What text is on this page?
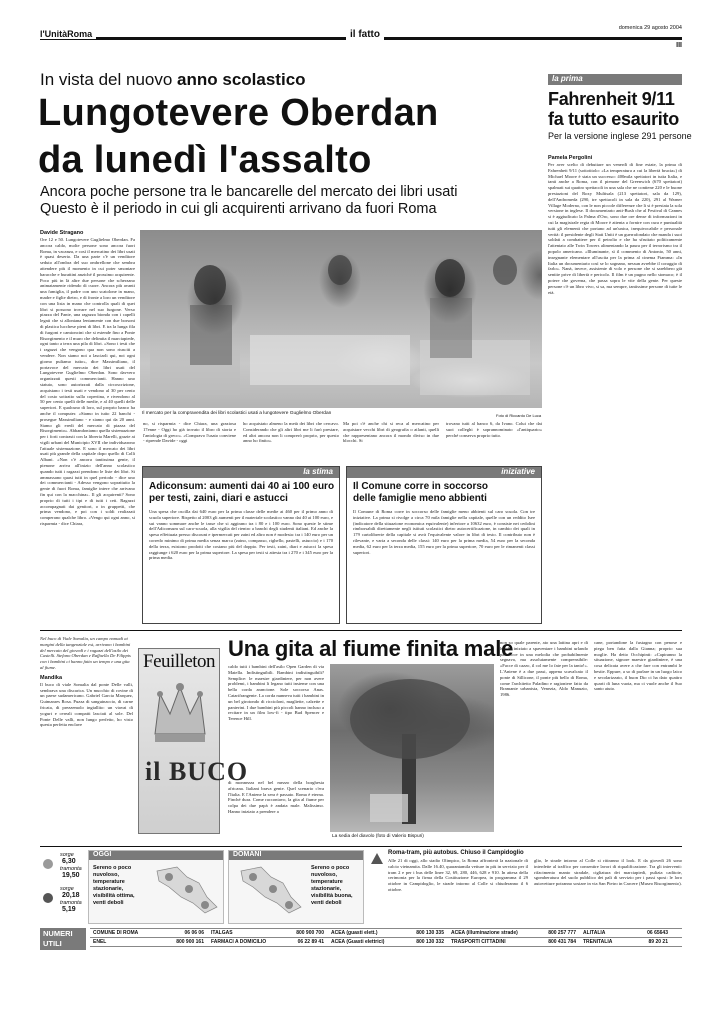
l'UnitàRoma	il fatto
domenica 29 agosto 2004
III
In vista del nuovo anno scolastico
Lungotevere Oberdan
da lunedì l'assalto
Ancora poche persone tra le bancarelle del mercato dei libri usati
Questo è il periodo in cui gli acquirenti arrivano da fuori Roma
Davide Stragano
Ore 12 e 50. Lungotevere Guglielmo Oberdan. Fa ancora caldo, molte persone sono ancora fuori Roma, in vacanza, e così il mercatino dei libri usati è quasi deserto. Da una parte c'è un venditore seduto all'ombra del suo ombrellone che sembra attendere più il momento in cui poter smontare baracche e burattini anziché il prossimo acquirente. Poco più in là altre due persone che scherzano animatamente ridendo di cuore. Ancora più avanti una famiglia, il padre con uno scatolone in mano, madre e figlie dietro, e di fronte a loro un venditore con una lista in mano che controlla quali di quei libri si possono trovare nel suo furgone. Verso piazza del Fante, una ragazza bionda con i capelli legati che si allontana lentamente con due borsoni di plastica lucchese pieni di libri. E tra la lunga fila di furgoni e camioncini che si estende fino a Ponte Risorgimento e il muro che delimita il marciapiede, ogni tanto a terra una pila di libri. «Sono i testi che i ragazzi che vengono qua non sono riusciti a vendere. Non siamo noi a lasciarli qui, noi ogni giorno puliamo tutto», dice Massimiliano, il portavoce del mercato dei libri usati del Lungotevere Guglielmo Oberdan. Sono davvero organizzati questi commercianti. Hanno uno statuto, sono autorizzati dalla circoscrizione, acquistano i testi usati e vendono al 30 per cento del costo sottratto sulla copertina, e rivendono al 50 per cento quelli delle medie, e al 40 quelli delle superiori. E qualcuno di loro, sul proprio banco ha anche il computer. «Siamo in tutto 22 banchi - prosegue Massimiliano - e siamo qui da 20 anni. Siamo gli eredi del mercato di piazza del Risorgimento». Abbandoniamo quella sistemazione per i forti contrasti con la libreria Marelli, grazie ai vigili urbani del Municipio XVII che individuarono l'attuale sistemazione. E sono il mercato dei libri usati più grande della capitale dopo quello di Colli Albani. «Non c'è ancora tantissima gente, il pienone arriva all'inizio dell'anno scolastico quando tutti i ragazzi prendono le liste dei libri. Si ammassano quasi tutti in quel periodo - dice uno dei commercianti - Adesso vengono soprattutto la gente di fuori Roma, famiglie intere che arrivano fin qui con la macchina». Il gli acquirenti? Sono proprio di tutti i tipi e di tutti i ceti. Ragazzi accompagnati dai genitori, o in gruppetti, che prima vendono, e poi con i soldi realizzati comperano qualche libro. «Vengo qui ogni anno, si risparmia - dice Chiara,
Il mercato per la compravendita dei libri scolastici usati a lungotevere Guglielmo Oberdan	Foto di Riccardo De Luca
no, si risparmia - dice Chiara, una graziosa 17enne - Oggi ho già trovato il libro di storia e l'antologia di greco». «Compravo l'usato conviene - riprende Davide - oggi
ho acquistato almeno la metà dei libri che cercavo. Considerando che gli altri libri me li farò prestare, ed altri ancora non li comprerò proprio, per questo anno ho finito».
Ma poi c'è anche chi si reca al mercatino per acquistare vecchi libri di geografia o atlanti, quelli che rappresentano ancora il mondo diviso in due blocchi. Si
trovano tutti al banco 6, da Ivano. Colui che dai suoi colleghi è soprannominato «l'antiquario» perché conserva proprio tutto.
la stima
Adiconsum: aumenti dai 40 ai 100 euro
per testi, zaini, diari e astucci
Una spesa che oscilla dai 640 euro per la prima classe delle medie ai 460 per il primo anno di scuola superiore. Rispetto al 2003 gli aumenti per il materiale scolastico vanno dai 40 ai 100 euro, e sui vanno sommare anche le tasse che si aggirano tra i 80 e i 100 euro. Sono queste le stime dell'Adiconsum sul caro-scuola, alla vigilia del rientro a banchi degli studenti italiani. Ed anche la spesa effettuata presso discount e ipermercati per zaini ed altro non è modesta: tra i 140 euro per un corredo minimo di prima media senza marca (zaino, compasso, righello, pastelli, astuccio) e i 170 della terza, esistono prodotti che costano più del doppio. Per testi, zaini, diari e astucci la spesa raggiunge i 620 euro per la prima superiore. La spesa per testi si attesta tra i 270 e i 345 euro per la prima media.
iniziative
Il Comune corre in soccorso
delle famiglie meno abbienti
Il Comune di Roma corre in soccorso delle famiglie meno abbienti sul caro scuola. Con tre iniziative. La prima si rivolge a circa 70 mila famiglie nella capitale, quelle con un reddito Isee (indicatore della situazione economica equivalente) inferiore a 10632 euro, è consiste nei cedolini rimborsabili direttamente negli istituti scolastici dietro autocertificazione, in cambio dei quali in 179 cartolibrerie della capitale si avrà l'equivalente valore in libri di testo. Il contributo non è rilevante, e varia a seconda delle classi: 140 euro per la prima media, 54 euro per la seconda media, 62 euro per la terza media, 155 euro per la prima superiore, 70 euro per le rimanenti classi superiori.
la prima
Fahrenheit 9/11
fa tutto esaurito
Per la versione inglese 291 persone
Pamela Pergolini
Per aver scelto di debuttare un venerdì di fine estate, la prima di Fahrenheit 9/11 (sottotitolo: «La temperatura a cui la libertà brucia») di Michael Moore è stata un successo: 400mila spettatori in tutta Italia, e tanti anche a Roma, con il pienone del Greenwich (670 spettatori) spalmati sui quattro spettacoli in una sala che ne contiene 220 e le buone prestazioni del Roxy Multisala (213 spettatori, sala da 129), dell'Andromeda (290, tre spettacoli in sala da 220), 291 al Warner Village Moderno, con le non piccole differenze che li si è prestata la sola versione in inglese. Il documentario anti-Bush che al Festival di Cannes si è aggiudicato la Palma d'Oro, sono due ore dense di informazioni in cui la magistrale regia di Moore è attenta a fornire con cura e puntualità tutti gli elementi che portano ad un'unica, inequivocabile e personale verità: il presidente degli Stati Uniti è un guerrafondaio che manda i suoi soldati a combattere per il petrolio e che ha sfruttato politicamente l'attentato alle Twin Towers alimentando la paura per il terrorismo tra il popolo americano. «Illuminante, sì il commento di Antonio, 50 anni, insegnante elementare all'uscita per la prima al cinema Fiamma: «In Italia un documentario così se lo sognano, nessun avrebbe il coraggio di farlo». Nanà, invece, assistente di volo e persone che si sarebbero già sentite prive di libertà e pericolo. Il film è un pugno nello stomaco; è il potere che governa, che passa sopra le vite della gente. Per queste persone c'è un libro vivo, si sa, ma sempre, tantissime persone di tutte le età.
Nel buco di Viale Somalia, un campo nomadi ai margini della tangenziale est, arrivano i bambini del mercato del giovedì e i ragazzi dell'asilo dei Castelli. Stefano Oberdan e Raffaella De Filippis con i bambini ci hanno fatto un tempo e una gita al fiume.
Mandika
Il buco di viale Somalia dal ponte Delle valli, sembrava una discarica. Un mucchio di rovine di un paese sudamericano. Gabriel Garcia Marquez, Guimaraes Rosa. Puzza di sanguinaccio, di carne fricata, di prezzemolo ingiallito: un viavai di yogurt e cereali compatti lasciati al sole. Del Ponte Delle valli, non lungo perfetto, ho visto questa perfetta enclave
Feuilleton
il BUCO
Una gita al fiume finita male
caldo tutti i bambini dell'asilo Open Garden di via Maiella. Indistinguibili. Bambini indistinguibili? Semplice: le maestre giardiniere, per non avere problemi, i bambini li legano tutti insieme con una bella corda arancione. Sole soccorso Anas. Catarifrangente. La corda nunneva tutti i bambini in un bel girotondo di riccioloni, magliette, calzette e panierini. I due bambini più piccoli hanno incluso a recitare in un film low-fi - tipo Bud Spencer e Terence Hill.
non so quale parente, ato una lattina apri e di lui, ha iniziato a spaventare i bambini urlando parolacce in una melodia che probabilmente segnava, ma assolutamente comprensibile: «Facce di cazzo, il col me lo fate per la tanto!». L'Aniene è a due passi, appena scavalcato il ponte di Sillicone, il ponte più bello di Roma, come l'architetto Paladino e ragioniere fatto da Bramante urbanista, Venezia, Aldo Manuzio, 1986.
cane, portandone la fustagno con penose e piega ben fatta dalla Gianna; proprio sua moglie. Ha detto Occhipinti: «Capiranno la situazione, signore maestre giardiniere, è una cosa delicata avere a che fare con entrambi le bestie. Eppure, a so di parlare in un luogo laico e secolarizzato, il buon Dio ci ha dato quattro quarti di luna vuota, ma ci vuole anche il Suo santo aiuto.
La sedia del diavolo (foto di Valerio Bispuri)
di monnezza nel bel mezzo della borghesia africana. Italiani brava gente. Quel scenario c'era l'Italia. E l'Aniene la sera è passato. Roma è eterna. Finché dura. Come raccontavo, la gita al fiume per colpa dei due papà è andata male. Malissimo. Hanno iniziato a prendere a
sorge
6,30
tramonta
19,50
sorge
20,18
tramonta
5,19
OGGI
Sereno o poco nuvoloso, temperature stazionarie, visibilità ottima, venti deboli
DOMANI
Sereno o poco nuvoloso, temperature stazionarie, visibilità buona, venti deboli
Roma-tram, più autobus. Chiuso il Campidoglio
Alle 21 di oggi, allo stadio Olimpico, la Roma affronterà la nazionale di calcio vietnamita. Dalle 16.40, quarantamila vetture in più in servizio per il tram 2 e per i bus delle linee 32, 69, 280, 446, 628 e 910. In attesa della cerimonia per la firma della Costituzione Europea, in programma il 29 ottobre in Campidoglio, le strade intorno al Colle si chiuderanno il 6 ottobre.
glio, le strade intorno al Colle si ritiranno il look. E da giovedì 26 sono interdette al traffico per consentire lavori di riqualificazione. Tra gli interventi: rifacimento manto stradale, cigliatura dei marciapiedi, pulizia caditoie, sgomberatura del suolo pubblico dei pali di servizio per i passi sposi: le loro autovetture potranno sostare in via San Pietro in Carcere (Museo Risorgimento).
NUMERI UTILI
COMUNE DI ROMA	06 06 06	ITALGAS	800 900 700	ACEA (guasti elett.)	800 130 335	ACEA (illuminazione strade)	800 257 777	ALITALIA	06 65643
ENEL	800 900 161	FARMACI A DOMICILIO	06 22 89 41	ACEA (Guasti elettrici)	800 130 332	TRASPORTI CITTADINI	800 431 784	TRENITALIA	89 20 21
